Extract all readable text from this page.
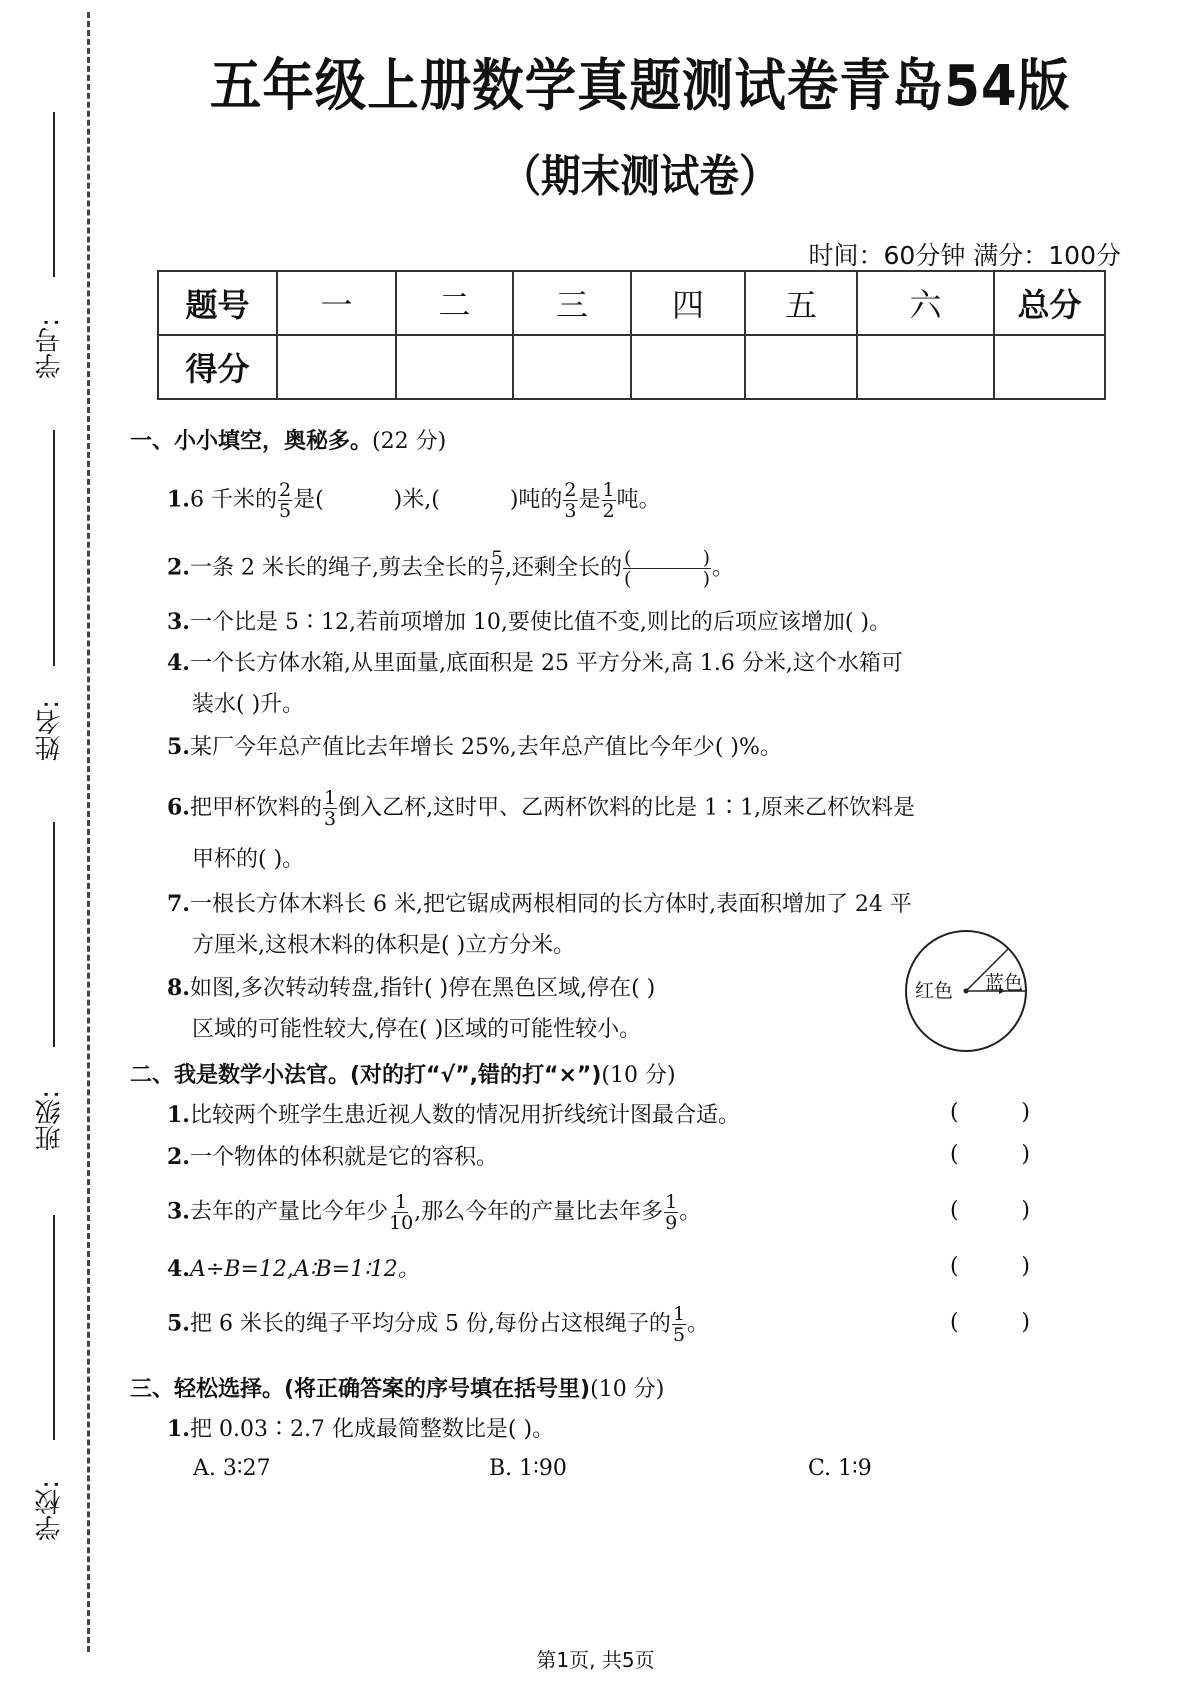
学号:
姓名:
班级:
学校:
五年级上册数学真题测试卷青岛54版
（期末测试卷）
时间：60分钟 满分：100分
题号	一	二	三	四	五	六	总分
得分							
一、小小填空，奥秘多。(22 分)
1.6 千米的 $\frac{2}{5}$ 是(	)米,(	)吨的 $\frac{2}{3}$ 是 $\frac{1}{2}$ 吨。
2.一条 2 米长的绳子,剪去全长的 $\frac{5}{7}$ ,还剩全长的 (	)
(	) 。
3.一个比是 5∶12,若前项增加 10,要使比值不变,则比的后项应该增加( )。
4.一个长方体水箱,从里面量,底面积是 25 平方分米,高 1.6 分米,这个水箱可
装水( )升。
5.某厂今年总产值比去年增长 25%,去年总产值比今年少( )%。
6.把甲杯饮料的 $\frac{1}{3}$ 倒入乙杯,这时甲、乙两杯饮料的比是 1∶1,原来乙杯饮料是
甲杯的( )。
7.一根长方体木料长 6 米,把它锯成两根相同的长方体时,表面积增加了 24 平
方厘米,这根木料的体积是( )立方分米。
8.如图,多次转动转盘,指针( )停在黑色区域,停在( )
区域的可能性较大,停在( )区域的可能性较小。
红色 蓝色
二、我是数学小法官。(对的打“√”,错的打“×”)(10 分)
1.比较两个班学生患近视人数的情况用折线统计图最合适。	(	)
2.一个物体的体积就是它的容积。	(	)
3.去年的产量比今年少 $\frac{1}{10}$ ,那么今年的产量比去年多 $\frac{1}{9}$ 。	(	)
4.A÷B=12,A∶B=1∶12。	(	)
5.把 6 米长的绳子平均分成 5 份,每份占这根绳子的 $\frac{1}{5}$ 。	(	)
三、轻松选择。(将正确答案的序号填在括号里)(10 分)
1.把 0.03∶2.7 化成最简整数比是( )。
A. 3∶27	B. 1∶90	C. 1∶9
第1页, 共5页
